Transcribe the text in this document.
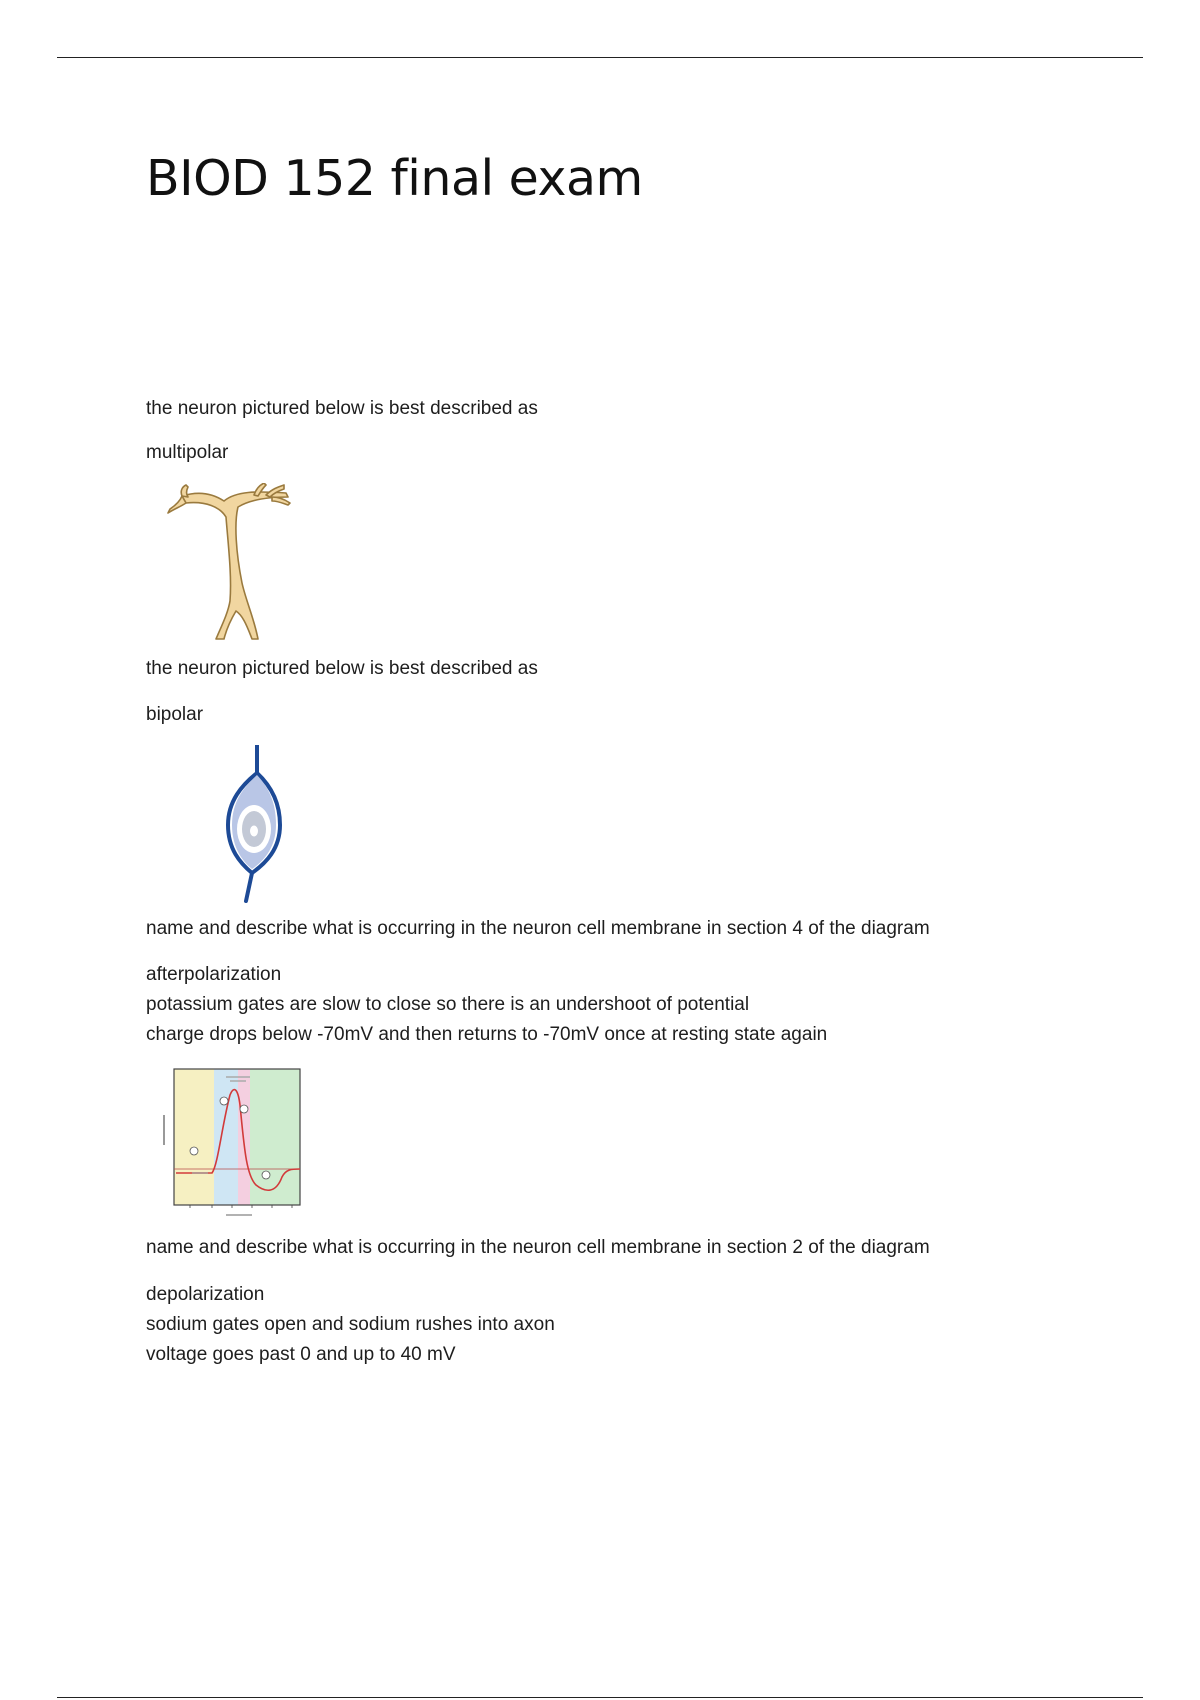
BIOD 152 final exam

the neuron pictured below is best described as

multipolar

the neuron pictured below is best described as

bipolar

name and describe what is occurring in the neuron cell membrane in section 4 of the diagram

afterpolarization

potassium gates are slow to close so there is an undershoot of potential

charge drops below -70mV and then returns to -70mV once at resting state again

name and describe what is occurring in the neuron cell membrane in section 2 of the diagram

depolarization

sodium gates open and sodium rushes into axon

voltage goes past 0 and up to 40 mV
